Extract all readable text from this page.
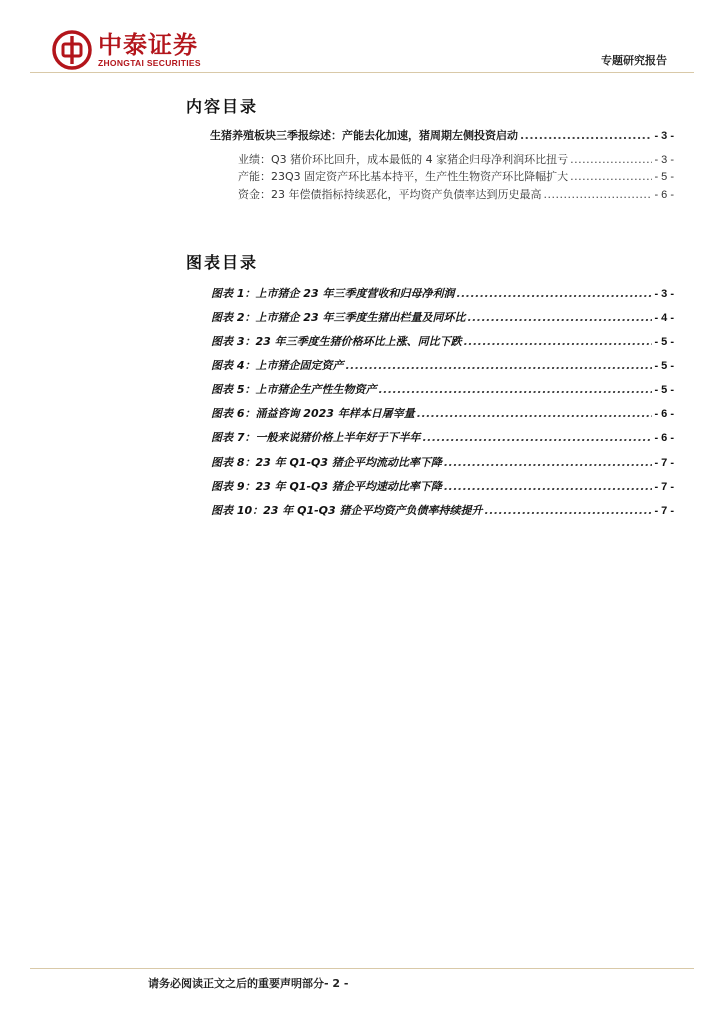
中泰证券
ZHONGTAI SECURITIES	专题研究报告
内容目录
生猪养殖板块三季报综述：产能去化加速，猪周期左侧投资启动 .....	- 3 -
业绩：Q3 猪价环比回升，成本最低的 4 家猪企归母净利润环比扭亏 .....	- 3 -
产能：23Q3 固定资产环比基本持平，生产性生物资产环比降幅扩大 .....	- 5 -
资金：23 年偿债指标持续恶化，平均资产负债率达到历史最高 .....	- 6 -
图表目录
图表 1：上市猪企 23 年三季度营收和归母净利润 .....	- 3 -
图表 2：上市猪企 23 年三季度生猪出栏量及同环比 .....	- 4 -
图表 3：23 年三季度生猪价格环比上涨、同比下跌 .....	- 5 -
图表 4：上市猪企固定资产 .....	- 5 -
图表 5：上市猪企生产性生物资产 .....	- 5 -
图表 6：涌益咨询 2023 年样本日屠宰量 .....	- 6 -
图表 7：一般来说猪价格上半年好于下半年 .....	- 6 -
图表 8：23 年 Q1-Q3 猪企平均流动比率下降 .....	- 7 -
图表 9：23 年 Q1-Q3 猪企平均速动比率下降 .....	- 7 -
图表 10：23 年 Q1-Q3 猪企平均资产负债率持续提升 .....	- 7 -
请务必阅读正文之后的重要声明部分- 2 -
